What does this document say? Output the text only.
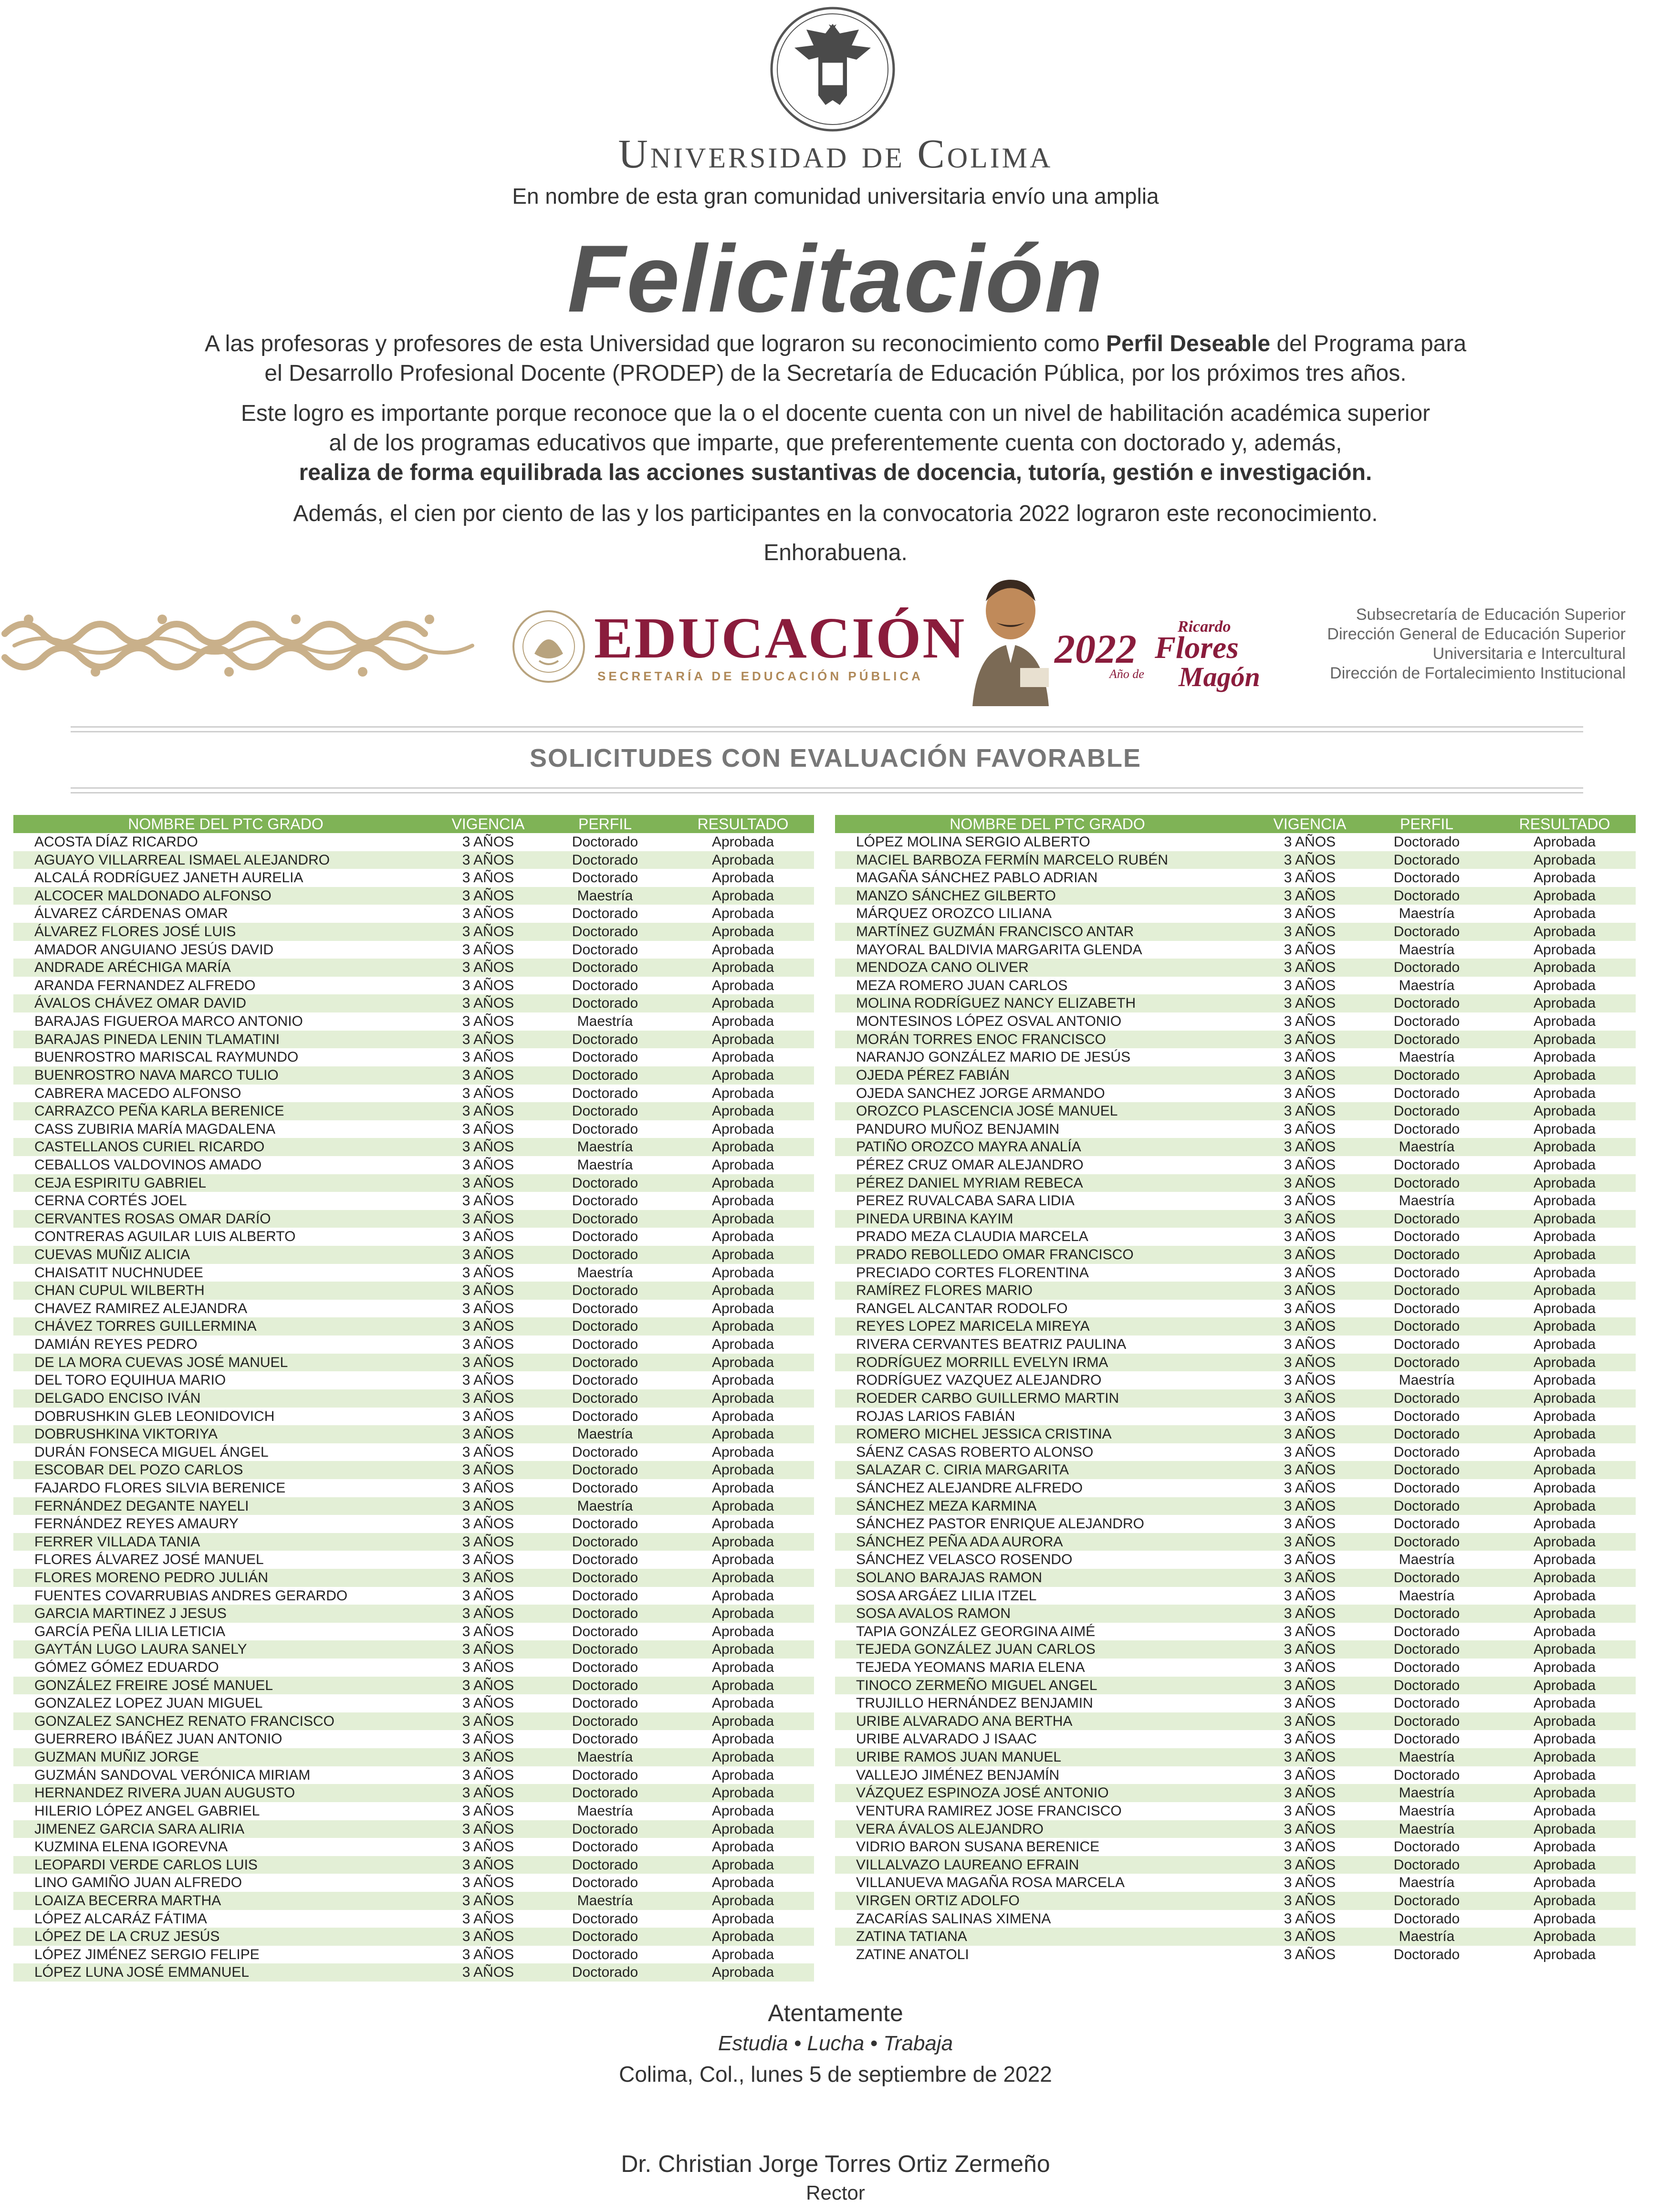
Universidad de Colima
En nombre de esta gran comunidad universitaria envío una amplia
Felicitación
A las profesoras y profesores de esta Universidad que lograron su reconocimiento como Perfil Deseable del Programa para
el Desarrollo Profesional Docente (PRODEP) de la Secretaría de Educación Pública, por los próximos tres años.
Este logro es importante porque reconoce que la o el docente cuenta con un nivel de habilitación académica superior
al de los programas educativos que imparte, que preferentemente cuenta con doctorado y, además,
realiza de forma equilibrada las acciones sustantivas de docencia, tutoría, gestión e investigación.
Además, el cien por ciento de las y los participantes en la convocatoria 2022 lograron este reconocimiento.
Enhorabuena.
EDUCACIÓN
SECRETARÍA DE EDUCACIÓN PÚBLICA
2022
Año de
Ricardo
Flores
Magón
Subsecretaría de Educación Superior
Dirección General de Educación Superior
Universitaria e Intercultural
Dirección de Fortalecimiento Institucional
SOLICITUDES CON EVALUACIÓN FAVORABLE
NOMBRE DEL PTC GRADO	VIGENCIA	PERFIL	RESULTADO
ACOSTA DÍAZ RICARDO	3 AÑOS	Doctorado	Aprobada
AGUAYO VILLARREAL ISMAEL ALEJANDRO	3 AÑOS	Doctorado	Aprobada
ALCALÁ RODRÍGUEZ JANETH AURELIA	3 AÑOS	Doctorado	Aprobada
ALCOCER MALDONADO ALFONSO	3 AÑOS	Maestría	Aprobada
ÁLVAREZ CÁRDENAS OMAR	3 AÑOS	Doctorado	Aprobada
ÁLVAREZ FLORES JOSÉ LUIS	3 AÑOS	Doctorado	Aprobada
AMADOR ANGUIANO JESÚS DAVID	3 AÑOS	Doctorado	Aprobada
ANDRADE ARÉCHIGA MARÍA	3 AÑOS	Doctorado	Aprobada
ARANDA FERNANDEZ ALFREDO	3 AÑOS	Doctorado	Aprobada
ÁVALOS CHÁVEZ OMAR DAVID	3 AÑOS	Doctorado	Aprobada
BARAJAS FIGUEROA MARCO ANTONIO	3 AÑOS	Maestría	Aprobada
BARAJAS PINEDA LENIN TLAMATINI	3 AÑOS	Doctorado	Aprobada
BUENROSTRO MARISCAL RAYMUNDO	3 AÑOS	Doctorado	Aprobada
BUENROSTRO NAVA MARCO TULIO	3 AÑOS	Doctorado	Aprobada
CABRERA MACEDO ALFONSO	3 AÑOS	Doctorado	Aprobada
CARRAZCO PEÑA KARLA BERENICE	3 AÑOS	Doctorado	Aprobada
CASS ZUBIRIA MARÍA MAGDALENA	3 AÑOS	Doctorado	Aprobada
CASTELLANOS CURIEL RICARDO	3 AÑOS	Maestría	Aprobada
CEBALLOS VALDOVINOS AMADO	3 AÑOS	Maestría	Aprobada
CEJA ESPIRITU GABRIEL	3 AÑOS	Doctorado	Aprobada
CERNA CORTÉS JOEL	3 AÑOS	Doctorado	Aprobada
CERVANTES ROSAS OMAR DARÍO	3 AÑOS	Doctorado	Aprobada
CONTRERAS AGUILAR LUIS ALBERTO	3 AÑOS	Doctorado	Aprobada
CUEVAS MUÑIZ ALICIA	3 AÑOS	Doctorado	Aprobada
CHAISATIT NUCHNUDEE	3 AÑOS	Maestría	Aprobada
CHAN CUPUL WILBERTH	3 AÑOS	Doctorado	Aprobada
CHAVEZ RAMIREZ ALEJANDRA	3 AÑOS	Doctorado	Aprobada
CHÁVEZ TORRES GUILLERMINA	3 AÑOS	Doctorado	Aprobada
DAMIÁN REYES PEDRO	3 AÑOS	Doctorado	Aprobada
DE LA MORA CUEVAS JOSÉ MANUEL	3 AÑOS	Doctorado	Aprobada
DEL TORO EQUIHUA MARIO	3 AÑOS	Doctorado	Aprobada
DELGADO ENCISO IVÁN	3 AÑOS	Doctorado	Aprobada
DOBRUSHKIN GLEB LEONIDOVICH	3 AÑOS	Doctorado	Aprobada
DOBRUSHKINA VIKTORIYA	3 AÑOS	Maestría	Aprobada
DURÁN FONSECA MIGUEL ÁNGEL	3 AÑOS	Doctorado	Aprobada
ESCOBAR DEL POZO CARLOS	3 AÑOS	Doctorado	Aprobada
FAJARDO FLORES SILVIA BERENICE	3 AÑOS	Doctorado	Aprobada
FERNÁNDEZ DEGANTE NAYELI	3 AÑOS	Maestría	Aprobada
FERNÁNDEZ REYES AMAURY	3 AÑOS	Doctorado	Aprobada
FERRER VILLADA TANIA	3 AÑOS	Doctorado	Aprobada
FLORES ÁLVAREZ JOSÉ MANUEL	3 AÑOS	Doctorado	Aprobada
FLORES MORENO PEDRO JULIÁN	3 AÑOS	Doctorado	Aprobada
FUENTES COVARRUBIAS ANDRES GERARDO	3 AÑOS	Doctorado	Aprobada
GARCIA MARTINEZ J JESUS	3 AÑOS	Doctorado	Aprobada
GARCÍA PEÑA LILIA LETICIA	3 AÑOS	Doctorado	Aprobada
GAYTÁN LUGO LAURA SANELY	3 AÑOS	Doctorado	Aprobada
GÓMEZ GÓMEZ EDUARDO	3 AÑOS	Doctorado	Aprobada
GONZÁLEZ FREIRE JOSÉ MANUEL	3 AÑOS	Doctorado	Aprobada
GONZALEZ LOPEZ JUAN MIGUEL	3 AÑOS	Doctorado	Aprobada
GONZALEZ SANCHEZ RENATO FRANCISCO	3 AÑOS	Doctorado	Aprobada
GUERRERO IBÁÑEZ JUAN ANTONIO	3 AÑOS	Doctorado	Aprobada
GUZMAN MUÑIZ JORGE	3 AÑOS	Maestría	Aprobada
GUZMÁN SANDOVAL VERÓNICA MIRIAM	3 AÑOS	Doctorado	Aprobada
HERNANDEZ RIVERA JUAN AUGUSTO	3 AÑOS	Doctorado	Aprobada
HILERIO LÓPEZ ANGEL GABRIEL	3 AÑOS	Maestría	Aprobada
JIMENEZ GARCIA SARA ALIRIA	3 AÑOS	Doctorado	Aprobada
KUZMINA ELENA IGOREVNA	3 AÑOS	Doctorado	Aprobada
LEOPARDI VERDE CARLOS LUIS	3 AÑOS	Doctorado	Aprobada
LINO GAMIÑO JUAN ALFREDO	3 AÑOS	Doctorado	Aprobada
LOAIZA BECERRA MARTHA	3 AÑOS	Maestría	Aprobada
LÓPEZ ALCARÁZ FÁTIMA	3 AÑOS	Doctorado	Aprobada
LÓPEZ DE LA CRUZ JESÚS	3 AÑOS	Doctorado	Aprobada
LÓPEZ JIMÉNEZ SERGIO FELIPE	3 AÑOS	Doctorado	Aprobada
LÓPEZ LUNA JOSÉ EMMANUEL	3 AÑOS	Doctorado	Aprobada
NOMBRE DEL PTC GRADO	VIGENCIA	PERFIL	RESULTADO
LÓPEZ MOLINA SERGIO ALBERTO	3 AÑOS	Doctorado	Aprobada
MACIEL BARBOZA FERMÍN MARCELO RUBÉN	3 AÑOS	Doctorado	Aprobada
MAGAÑA SÁNCHEZ PABLO ADRIAN	3 AÑOS	Doctorado	Aprobada
MANZO SÁNCHEZ GILBERTO	3 AÑOS	Doctorado	Aprobada
MÁRQUEZ OROZCO LILIANA	3 AÑOS	Maestría	Aprobada
MARTÍNEZ GUZMÁN FRANCISCO ANTAR	3 AÑOS	Doctorado	Aprobada
MAYORAL BALDIVIA MARGARITA GLENDA	3 AÑOS	Maestría	Aprobada
MENDOZA CANO OLIVER	3 AÑOS	Doctorado	Aprobada
MEZA ROMERO JUAN CARLOS	3 AÑOS	Maestría	Aprobada
MOLINA RODRÍGUEZ NANCY ELIZABETH	3 AÑOS	Doctorado	Aprobada
MONTESINOS LÓPEZ OSVAL ANTONIO	3 AÑOS	Doctorado	Aprobada
MORÁN TORRES ENOC FRANCISCO	3 AÑOS	Doctorado	Aprobada
NARANJO GONZÁLEZ MARIO DE JESÚS	3 AÑOS	Maestría	Aprobada
OJEDA PÉREZ FABIÁN	3 AÑOS	Doctorado	Aprobada
OJEDA SANCHEZ JORGE ARMANDO	3 AÑOS	Doctorado	Aprobada
OROZCO PLASCENCIA JOSÉ MANUEL	3 AÑOS	Doctorado	Aprobada
PANDURO MUÑOZ BENJAMIN	3 AÑOS	Doctorado	Aprobada
PATIÑO OROZCO MAYRA ANALÍA	3 AÑOS	Maestría	Aprobada
PÉREZ CRUZ OMAR ALEJANDRO	3 AÑOS	Doctorado	Aprobada
PÉREZ DANIEL MYRIAM REBECA	3 AÑOS	Doctorado	Aprobada
PEREZ RUVALCABA SARA LIDIA	3 AÑOS	Maestría	Aprobada
PINEDA URBINA KAYIM	3 AÑOS	Doctorado	Aprobada
PRADO MEZA CLAUDIA MARCELA	3 AÑOS	Doctorado	Aprobada
PRADO REBOLLEDO OMAR FRANCISCO	3 AÑOS	Doctorado	Aprobada
PRECIADO CORTES FLORENTINA	3 AÑOS	Doctorado	Aprobada
RAMÍREZ FLORES MARIO	3 AÑOS	Doctorado	Aprobada
RANGEL ALCANTAR RODOLFO	3 AÑOS	Doctorado	Aprobada
REYES LOPEZ MARICELA MIREYA	3 AÑOS	Doctorado	Aprobada
RIVERA CERVANTES BEATRIZ PAULINA	3 AÑOS	Doctorado	Aprobada
RODRÍGUEZ MORRILL EVELYN IRMA	3 AÑOS	Doctorado	Aprobada
RODRÍGUEZ VAZQUEZ ALEJANDRO	3 AÑOS	Maestría	Aprobada
ROEDER CARBO GUILLERMO MARTIN	3 AÑOS	Doctorado	Aprobada
ROJAS LARIOS FABIÁN	3 AÑOS	Doctorado	Aprobada
ROMERO MICHEL JESSICA CRISTINA	3 AÑOS	Doctorado	Aprobada
SÁENZ CASAS ROBERTO ALONSO	3 AÑOS	Doctorado	Aprobada
SALAZAR C. CIRIA MARGARITA	3 AÑOS	Doctorado	Aprobada
SÁNCHEZ ALEJANDRE ALFREDO	3 AÑOS	Doctorado	Aprobada
SÁNCHEZ MEZA KARMINA	3 AÑOS	Doctorado	Aprobada
SÁNCHEZ PASTOR ENRIQUE ALEJANDRO	3 AÑOS	Doctorado	Aprobada
SÁNCHEZ PEÑA ADA AURORA	3 AÑOS	Doctorado	Aprobada
SÁNCHEZ VELASCO ROSENDO	3 AÑOS	Maestría	Aprobada
SOLANO BARAJAS RAMON	3 AÑOS	Doctorado	Aprobada
SOSA ARGÁEZ LILIA ITZEL	3 AÑOS	Maestría	Aprobada
SOSA AVALOS RAMON	3 AÑOS	Doctorado	Aprobada
TAPIA GONZÁLEZ GEORGINA AIMÉ	3 AÑOS	Doctorado	Aprobada
TEJEDA GONZÁLEZ JUAN CARLOS	3 AÑOS	Doctorado	Aprobada
TEJEDA YEOMANS MARIA ELENA	3 AÑOS	Doctorado	Aprobada
TINOCO ZERMEÑO MIGUEL ANGEL	3 AÑOS	Doctorado	Aprobada
TRUJILLO HERNÁNDEZ BENJAMIN	3 AÑOS	Doctorado	Aprobada
URIBE ALVARADO ANA BERTHA	3 AÑOS	Doctorado	Aprobada
URIBE ALVARADO J ISAAC	3 AÑOS	Doctorado	Aprobada
URIBE RAMOS JUAN MANUEL	3 AÑOS	Maestría	Aprobada
VALLEJO JIMÉNEZ BENJAMÍN	3 AÑOS	Doctorado	Aprobada
VÁZQUEZ ESPINOZA JOSÉ ANTONIO	3 AÑOS	Maestría	Aprobada
VENTURA RAMIREZ JOSE FRANCISCO	3 AÑOS	Maestría	Aprobada
VERA ÁVALOS ALEJANDRO	3 AÑOS	Maestría	Aprobada
VIDRIO BARON SUSANA BERENICE	3 AÑOS	Doctorado	Aprobada
VILLALVAZO LAUREANO EFRAIN	3 AÑOS	Doctorado	Aprobada
VILLANUEVA MAGAÑA ROSA MARCELA	3 AÑOS	Maestría	Aprobada
VIRGEN ORTIZ ADOLFO	3 AÑOS	Doctorado	Aprobada
ZACARÍAS SALINAS XIMENA	3 AÑOS	Doctorado	Aprobada
ZATINA TATIANA	3 AÑOS	Maestría	Aprobada
ZATINE ANATOLI	3 AÑOS	Doctorado	Aprobada
Atentamente
Estudia • Lucha • Trabaja
Colima, Col., lunes 5 de septiembre de 2022
Dr. Christian Jorge Torres Ortiz Zermeño
Rector
